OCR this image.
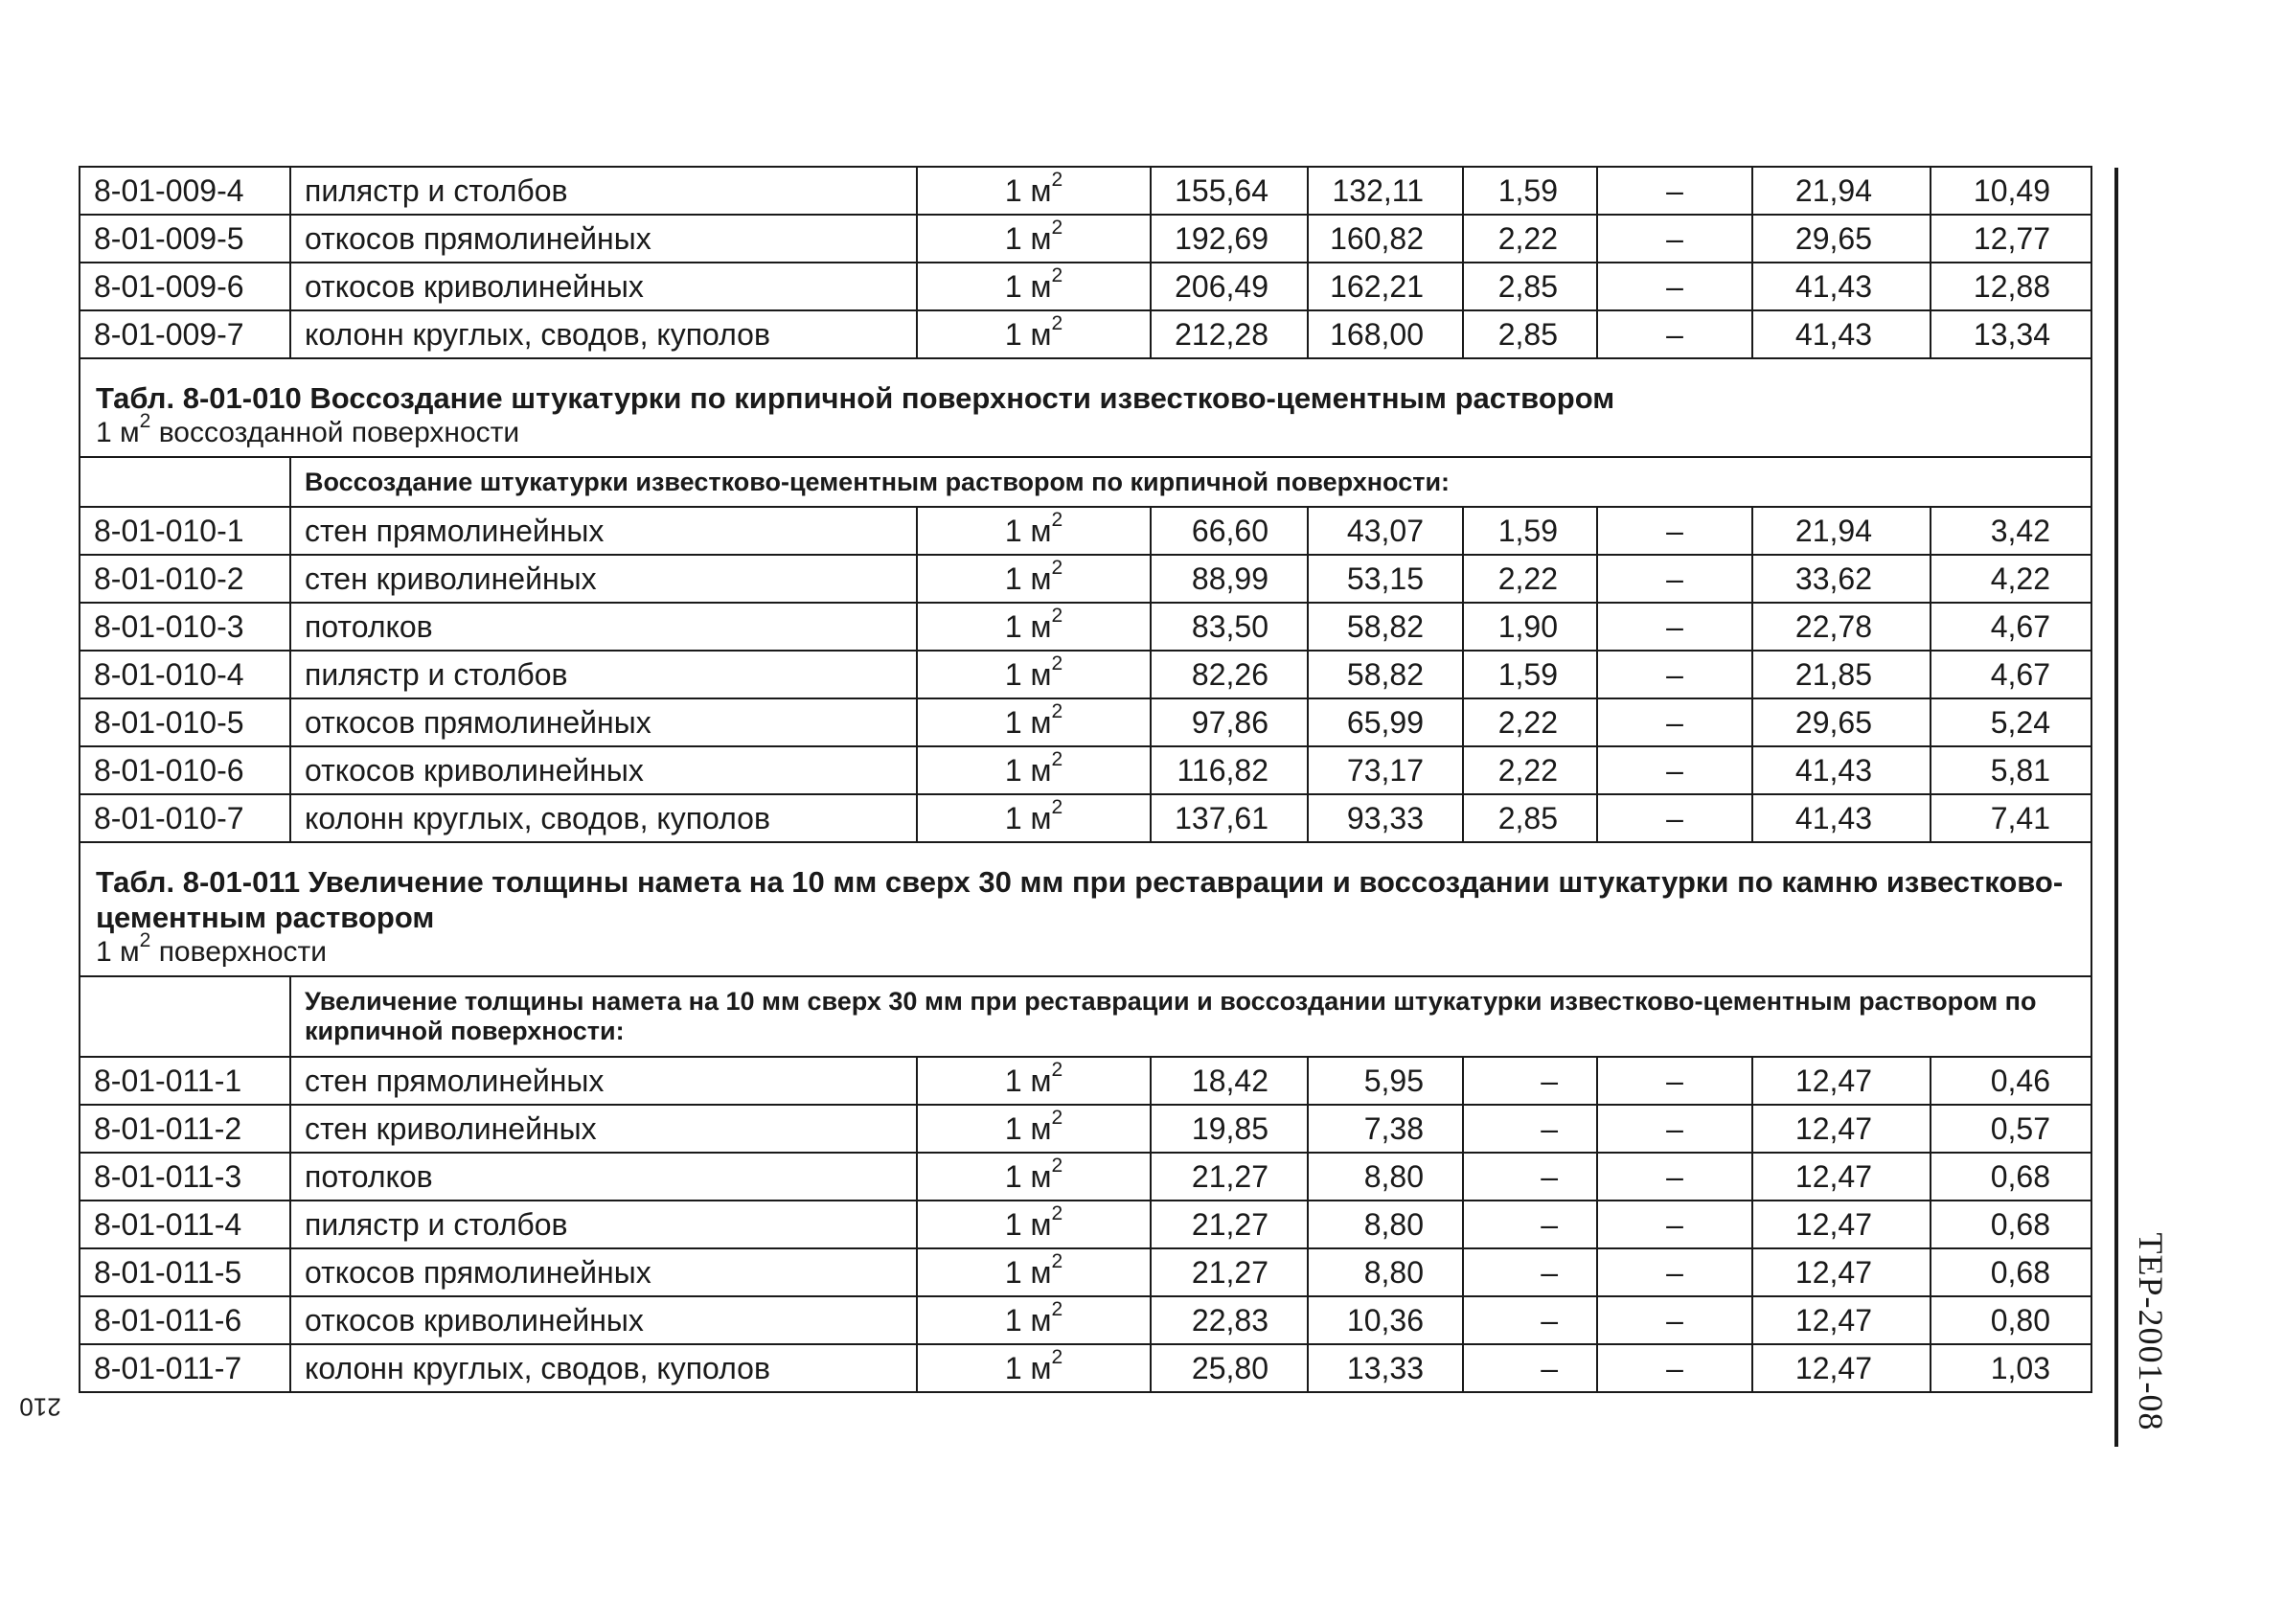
8-01-009-4	пилястр и столбов	1 $м^2$	155,64	132,11	1,59	–	21,94	10,49
8-01-009-5	откосов прямолинейных	1 $м^2$	192,69	160,82	2,22	–	29,65	12,77
8-01-009-6	откосов криволинейных	1 $м^2$	206,49	162,21	2,85	–	41,43	12,88
8-01-009-7	колонн круглых, сводов, куполов	1 $м^2$	212,28	168,00	2,85	–	41,43	13,34

Табл. 8-01-010 Воссоздание штукатурки по кирпичной поверхности известково-цементным раствором
1 $м^2$ воссозданной поверхности								

	Воссоздание штукатурки известково-цементным раствором по кирпичной поверхности:							
8-01-010-1	стен прямолинейных	1 $м^2$	66,60	43,07	1,59	–	21,94	3,42
8-01-010-2	стен криволинейных	1 $м^2$	88,99	53,15	2,22	–	33,62	4,22
8-01-010-3	потолков	1 $м^2$	83,50	58,82	1,90	–	22,78	4,67
8-01-010-4	пилястр и столбов	1 $м^2$	82,26	58,82	1,59	–	21,85	4,67
8-01-010-5	откосов прямолинейных	1 $м^2$	97,86	65,99	2,22	–	29,65	5,24
8-01-010-6	откосов криволинейных	1 $м^2$	116,82	73,17	2,22	–	41,43	5,81
8-01-010-7	колонн круглых, сводов, куполов	1 $м^2$	137,61	93,33	2,85	–	41,43	7,41

Табл. 8-01-011 Увеличение толщины намета на 10 мм сверх 30 мм при реставрации и воссоздании штукатурки по камню известково-цементным раствором
1 $м^2$ поверхности								

	Увеличение толщины намета на 10 мм сверх 30 мм при реставрации и воссоздании штукатурки известково-цементным раствором по кирпичной поверхности:							
8-01-011-1	стен прямолинейных	1 $м^2$	18,42	5,95	–	–	12,47	0,46
8-01-011-2	стен криволинейных	1 $м^2$	19,85	7,38	–	–	12,47	0,57
8-01-011-3	потолков	1 $м^2$	21,27	8,80	–	–	12,47	0,68
8-01-011-4	пилястр и столбов	1 $м^2$	21,27	8,80	–	–	12,47	0,68
8-01-011-5	откосов прямолинейных	1 $м^2$	21,27	8,80	–	–	12,47	0,68
8-01-011-6	откосов криволинейных	1 $м^2$	22,83	10,36	–	–	12,47	0,80
8-01-011-7	колонн круглых, сводов, куполов	1 $м^2$	25,80	13,33	–	–	12,47	1,03 ТЕР-2001-08
210
